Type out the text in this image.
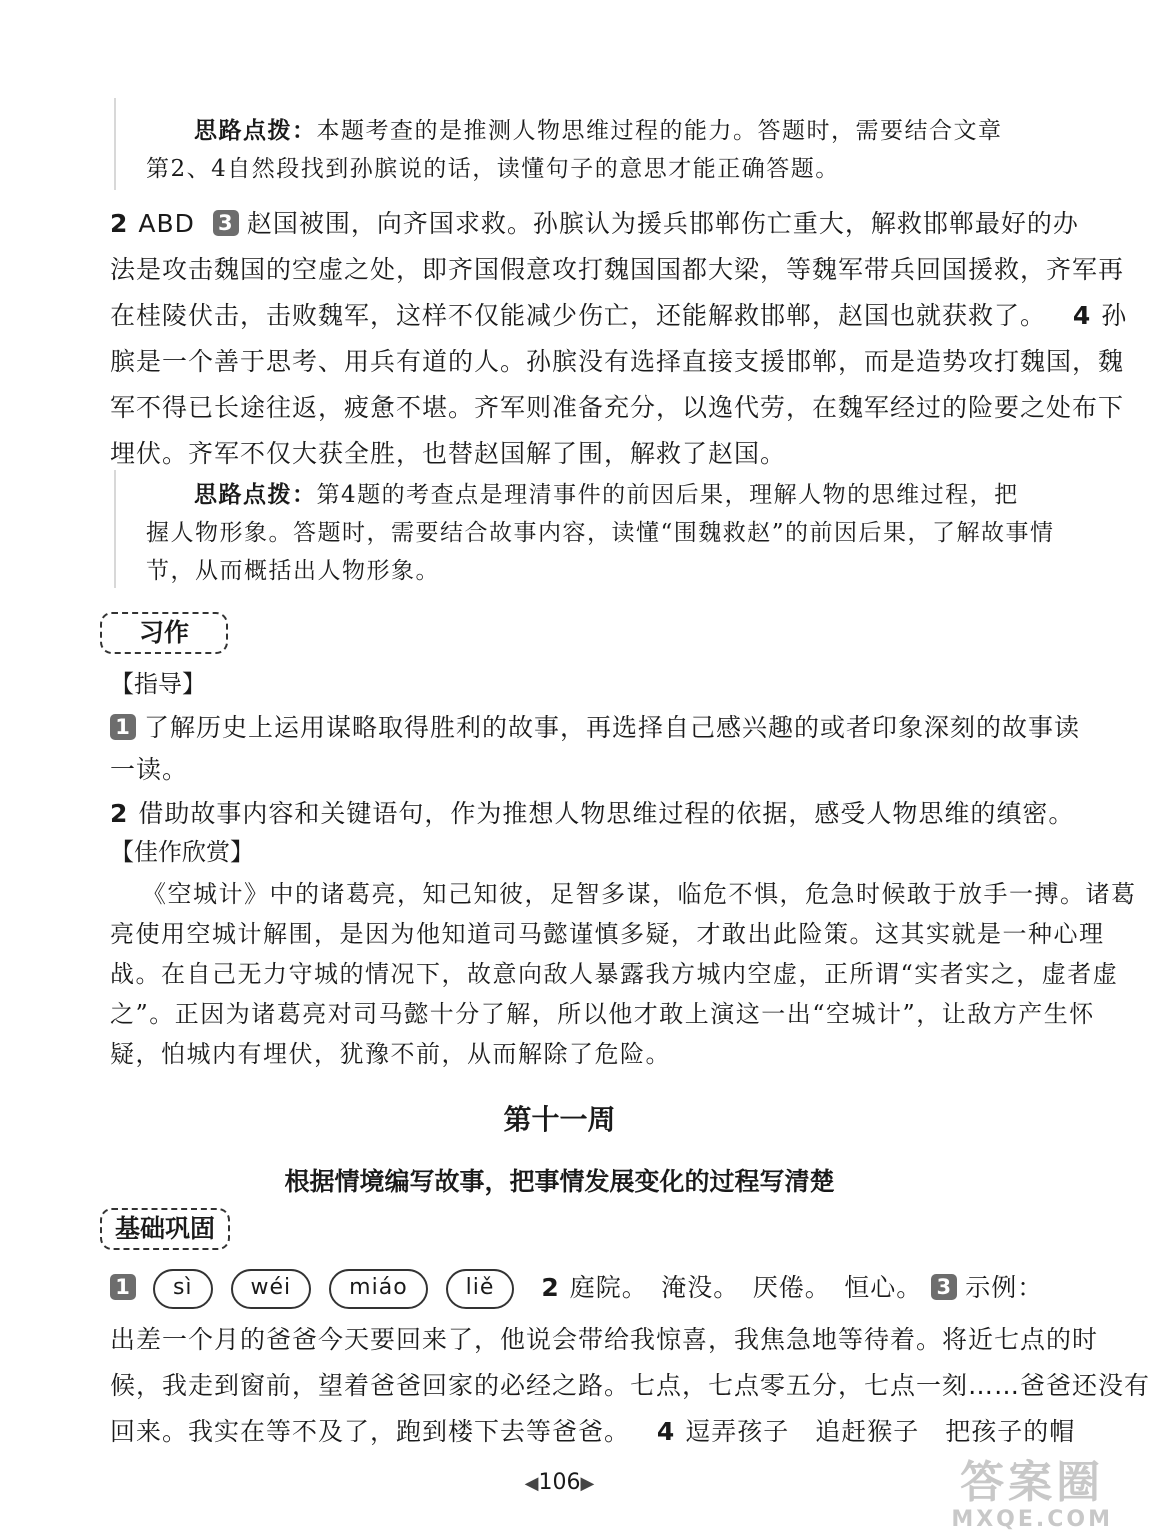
思路点拨：本题考查的是推测人物思维过程的能力。答题时，需要结合文章
第2、4自然段找到孙膑说的话，读懂句子的意思才能正确答题。
2 ABD 3 赵国被围，向齐国求救。孙膑认为援兵邯郸伤亡重大，解救邯郸最好的办
法是攻击魏国的空虚之处，即齐国假意攻打魏国国都大梁，等魏军带兵回国援救，齐军再
在桂陵伏击，击败魏军，这样不仅能减少伤亡，还能解救邯郸，赵国也就获救了。 4 孙
膑是一个善于思考、用兵有道的人。孙膑没有选择直接支援邯郸，而是造势攻打魏国，魏
军不得已长途往返，疲惫不堪。齐军则准备充分，以逸代劳，在魏军经过的险要之处布下
埋伏。齐军不仅大获全胜，也替赵国解了围，解救了赵国。
思路点拨：第4题的考查点是理清事件的前因后果，理解人物的思维过程，把
握人物形象。答题时，需要结合故事内容，读懂“围魏救赵”的前因后果，了解故事情
节，从而概括出人物形象。
习作
【指导】
1 了解历史上运用谋略取得胜利的故事，再选择自己感兴趣的或者印象深刻的故事读
一读。
2 借助故事内容和关键语句，作为推想人物思维过程的依据，感受人物思维的缜密。
【佳作欣赏】
《空城计》中的诸葛亮，知己知彼，足智多谋，临危不惧，危急时候敢于放手一搏。诸葛
亮使用空城计解围，是因为他知道司马懿谨慎多疑，才敢出此险策。这其实就是一种心理
战。在自己无力守城的情况下，故意向敌人暴露我方城内空虚，正所谓“实者实之，虚者虚
之”。正因为诸葛亮对司马懿十分了解，所以他才敢上演这一出“空城计”，让敌方产生怀
疑，怕城内有埋伏，犹豫不前，从而解除了危险。
第十一周
根据情境编写故事，把事情发展变化的过程写清楚
基础巩固
1 sì	wéi	miáo	liě 2 庭院。　淹没。　厌倦。　恒心。 3 示例：
出差一个月的爸爸今天要回来了，他说会带给我惊喜，我焦急地等待着。将近七点的时
候，我走到窗前，望着爸爸回家的必经之路。七点，七点零五分，七点一刻……爸爸还没有
回来。我实在等不及了，跑到楼下去等爸爸。 4 逗弄孩子　追赶猴子　把孩子的帽
◀106▶	答案圈
MXQE.COM
